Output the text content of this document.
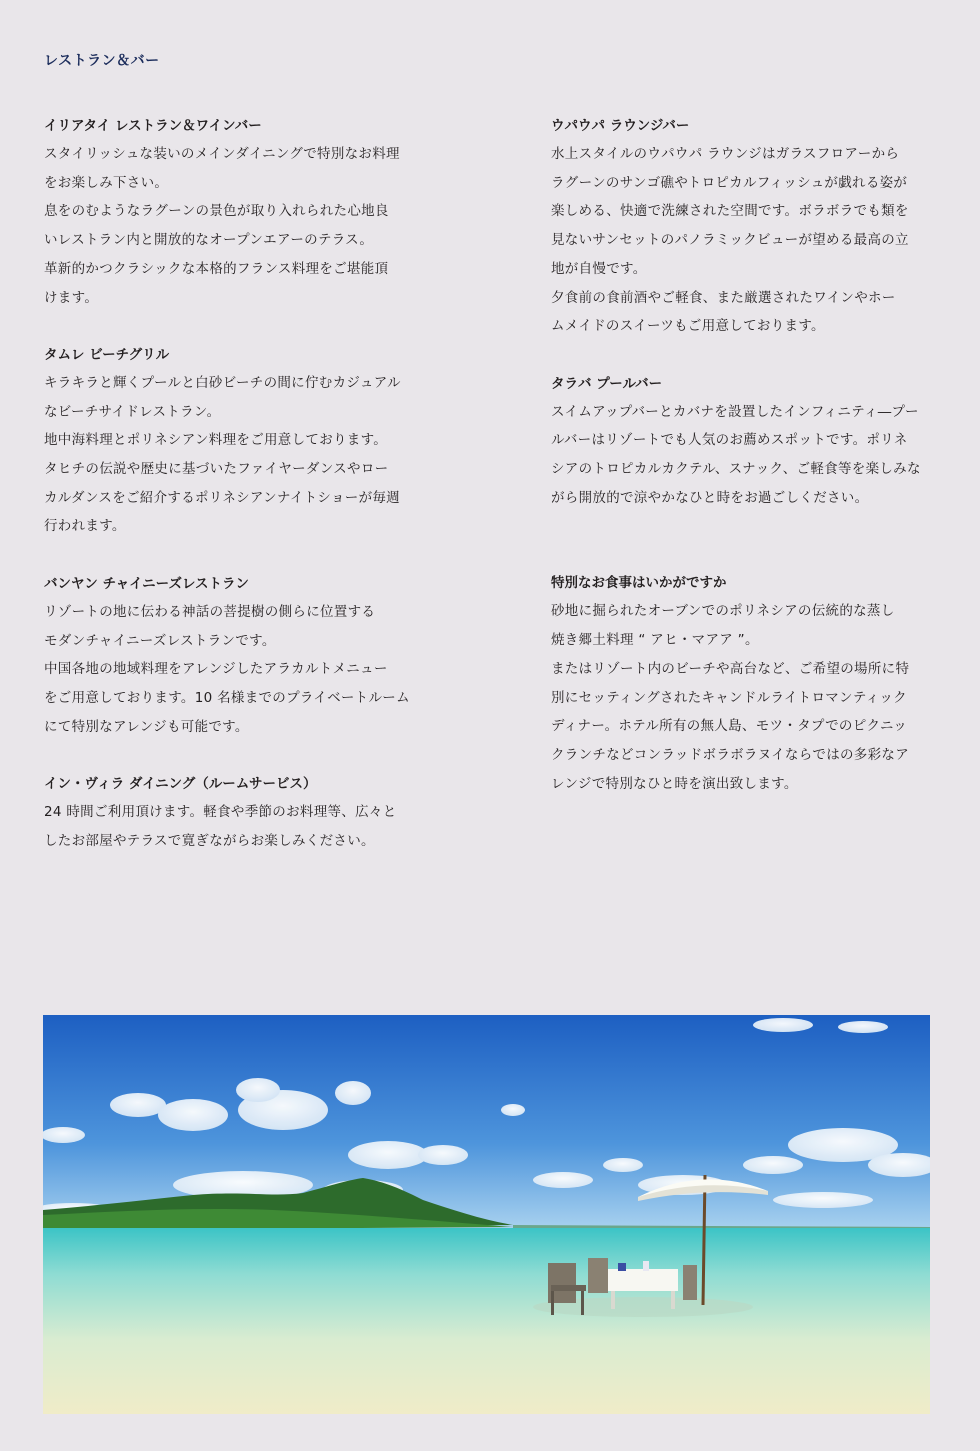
レストラン＆バー
イリアタイ レストラン＆ワインバー

スタイリッシュな装いのメインダイニングで特別なお料理

をお楽しみ下さい。

息をのむようなラグーンの景色が取り入れられた心地良

いレストラン内と開放的なオープンエアーのテラス。

革新的かつクラシックな本格的フランス料理をご堪能頂

けます。

タムレ ビーチグリル

キラキラと輝くプールと白砂ビーチの間に佇むカジュアル

なビーチサイドレストラン。

地中海料理とポリネシアン料理をご用意しております。

タヒチの伝説や歴史に基づいたファイヤーダンスやロー

カルダンスをご紹介するポリネシアンナイトショーが毎週

行われます。

バンヤン チャイニーズレストラン

リゾートの地に伝わる神話の菩提樹の側らに位置する

モダンチャイニーズレストランです。

中国各地の地域料理をアレンジしたアラカルトメニュー

をご用意しております。10 名様までのプライベートルーム

にて特別なアレンジも可能です。

イン・ヴィラ ダイニング（ルームサービス）

24 時間ご利用頂けます。軽食や季節のお料理等、広々と

したお部屋やテラスで寛ぎながらお楽しみください。

ウパウパ ラウンジバー

水上スタイルのウパウパ ラウンジはガラスフロアーから

ラグーンのサンゴ礁やトロピカルフィッシュが戯れる姿が

楽しめる、快適で洗練された空間です。ボラボラでも類を

見ないサンセットのパノラミックビューが望める最高の立

地が自慢です。

夕食前の食前酒やご軽食、また厳選されたワインやホー

ムメイドのスイーツもご用意しております。

タラバ プールバー

スイムアップバーとカバナを設置したインフィニティ―プー

ルバーはリゾートでも人気のお薦めスポットです。ポリネ

シアのトロピカルカクテル、スナック、ご軽食等を楽しみな

がら開放的で涼やかなひと時をお過ごしください。

特別なお食事はいかがですか

砂地に掘られたオーブンでのポリネシアの伝統的な蒸し

焼き郷土料理 “ アヒ・マアア ”。

またはリゾート内のビーチや高台など、ご希望の場所に特

別にセッティングされたキャンドルライトロマンティック

ディナー。ホテル所有の無人島、モツ・タプでのピクニッ

クランチなどコンラッドボラボラヌイならではの多彩なア

レンジで特別なひと時を演出致します。
